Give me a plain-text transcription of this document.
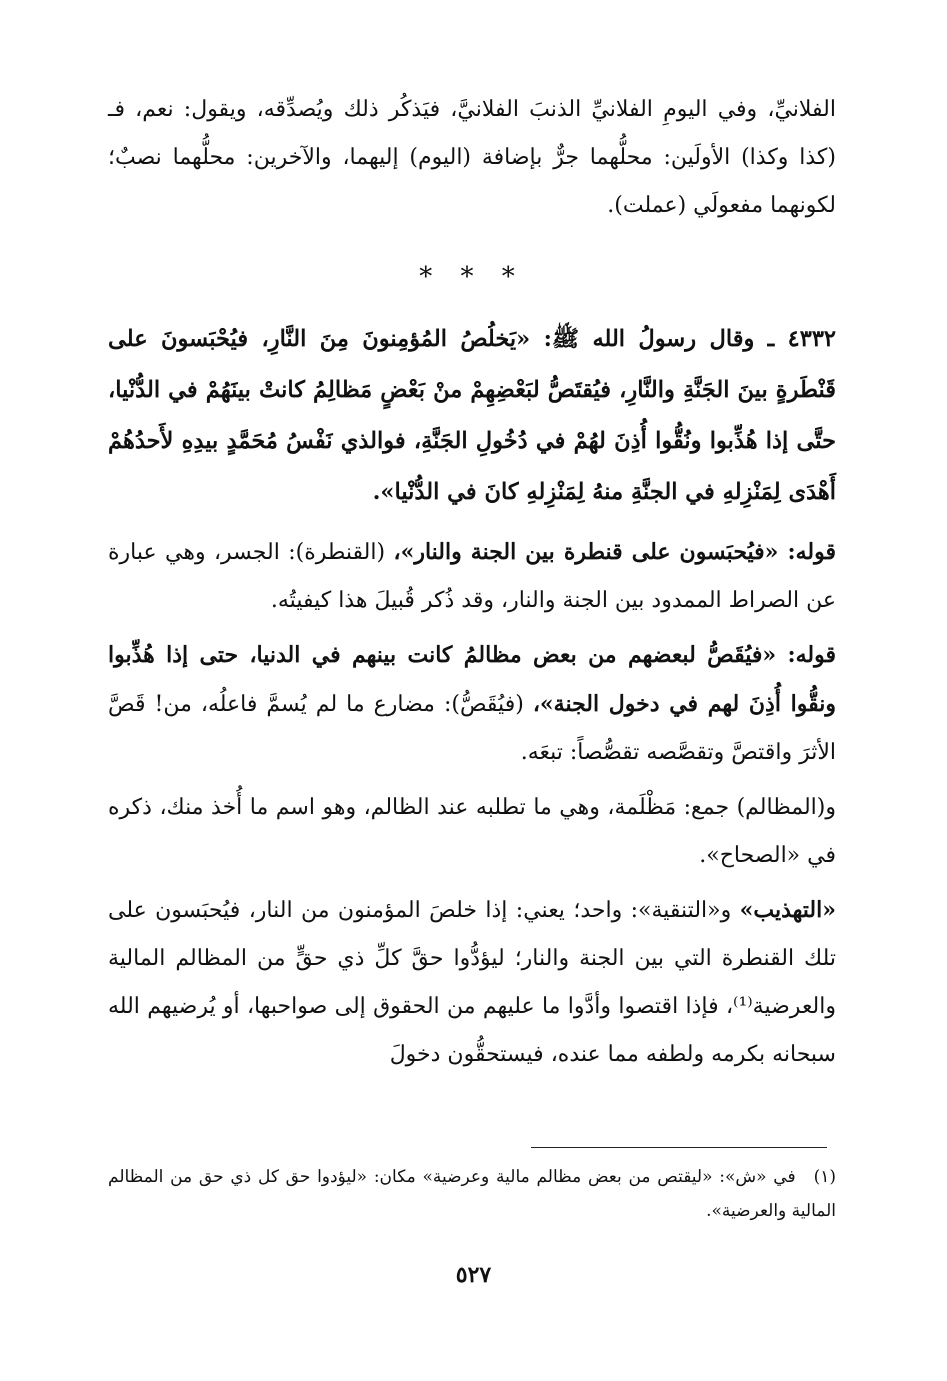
الفلانيِّ، وفي اليومِ الفلانيِّ الذنبَ الفلانيَّ، فيَذكُر ذلك ويُصدِّقه، ويقول: نعم، فـ (كذا وكذا) الأولَين: محلُّهما جرٌّ بإضافة (اليوم) إليهما، والآخرين: محلُّهما نصبٌ؛ لكونهما مفعولَي (عملت).

* * *

٤٣٣٢ ـ وقال رسولُ الله ﷺ: «يَخلُصُ المُؤمِنونَ مِنَ النَّارِ، فيُحْبَسونَ على قَنْطَرةٍ بينَ الجَنَّةِ والنَّارِ، فيُقتَصُّ لبَعْضِهِمْ منْ بَعْضٍ مَظالِمُ كانتْ بينَهُمْ في الدُّنْيا، حتَّى إذا هُذِّبوا ونُقُّوا أُذِنَ لهُمْ في دُخُولِ الجَنَّةِ، فوالذي نَفْسُ مُحَمَّدٍ بيدِهِ لأَحدُهُمْ أَهْدَى لِمَنْزِلهِ في الجنَّةِ منهُ لِمَنْزِلهِ كانَ في الدُّنْيا».

قوله: «فيُحبَسون على قنطرة بين الجنة والنار»، (القنطرة): الجسر، وهي عبارة عن الصراط الممدود بين الجنة والنار، وقد ذُكر قُبيلَ هذا كيفيتُه.

قوله: «فيُقَصُّ لبعضهم من بعض مظالمُ كانت بينهم في الدنيا، حتى إذا هُذِّبوا ونقُّوا أُذِنَ لهم في دخول الجنة»، (فيُقَصُّ): مضارع ما لم يُسمَّ فاعلُه، من! قَصَّ الأثرَ واقتصَّ وتقصَّصه تقصُّصاً: تبعَه.

و(المظالم) جمع: مَظْلَمة، وهي ما تطلبه عند الظالم، وهو اسم ما أُخذ منك، ذكره في «الصحاح».

«التهذيب» و«التنقية»: واحد؛ يعني: إذا خلصَ المؤمنون من النار، فيُحبَسون على تلك القنطرة التي بين الجنة والنار؛ ليؤدُّوا حقَّ كلِّ ذي حقٍّ من المظالم المالية والعرضية⁽¹⁾، فإذا اقتصوا وأدَّوا ما عليهم من الحقوق إلى صواحبها، أو يُرضيهم الله سبحانه بكرمه ولطفه مما عنده، فيستحقُّون دخولَ

(١)في «ش»: «ليقتص من بعض مظالم مالية وعرضية» مكان: «ليؤدوا حق كل ذي حق من المظالم المالية والعرضية».
٥٢٧
